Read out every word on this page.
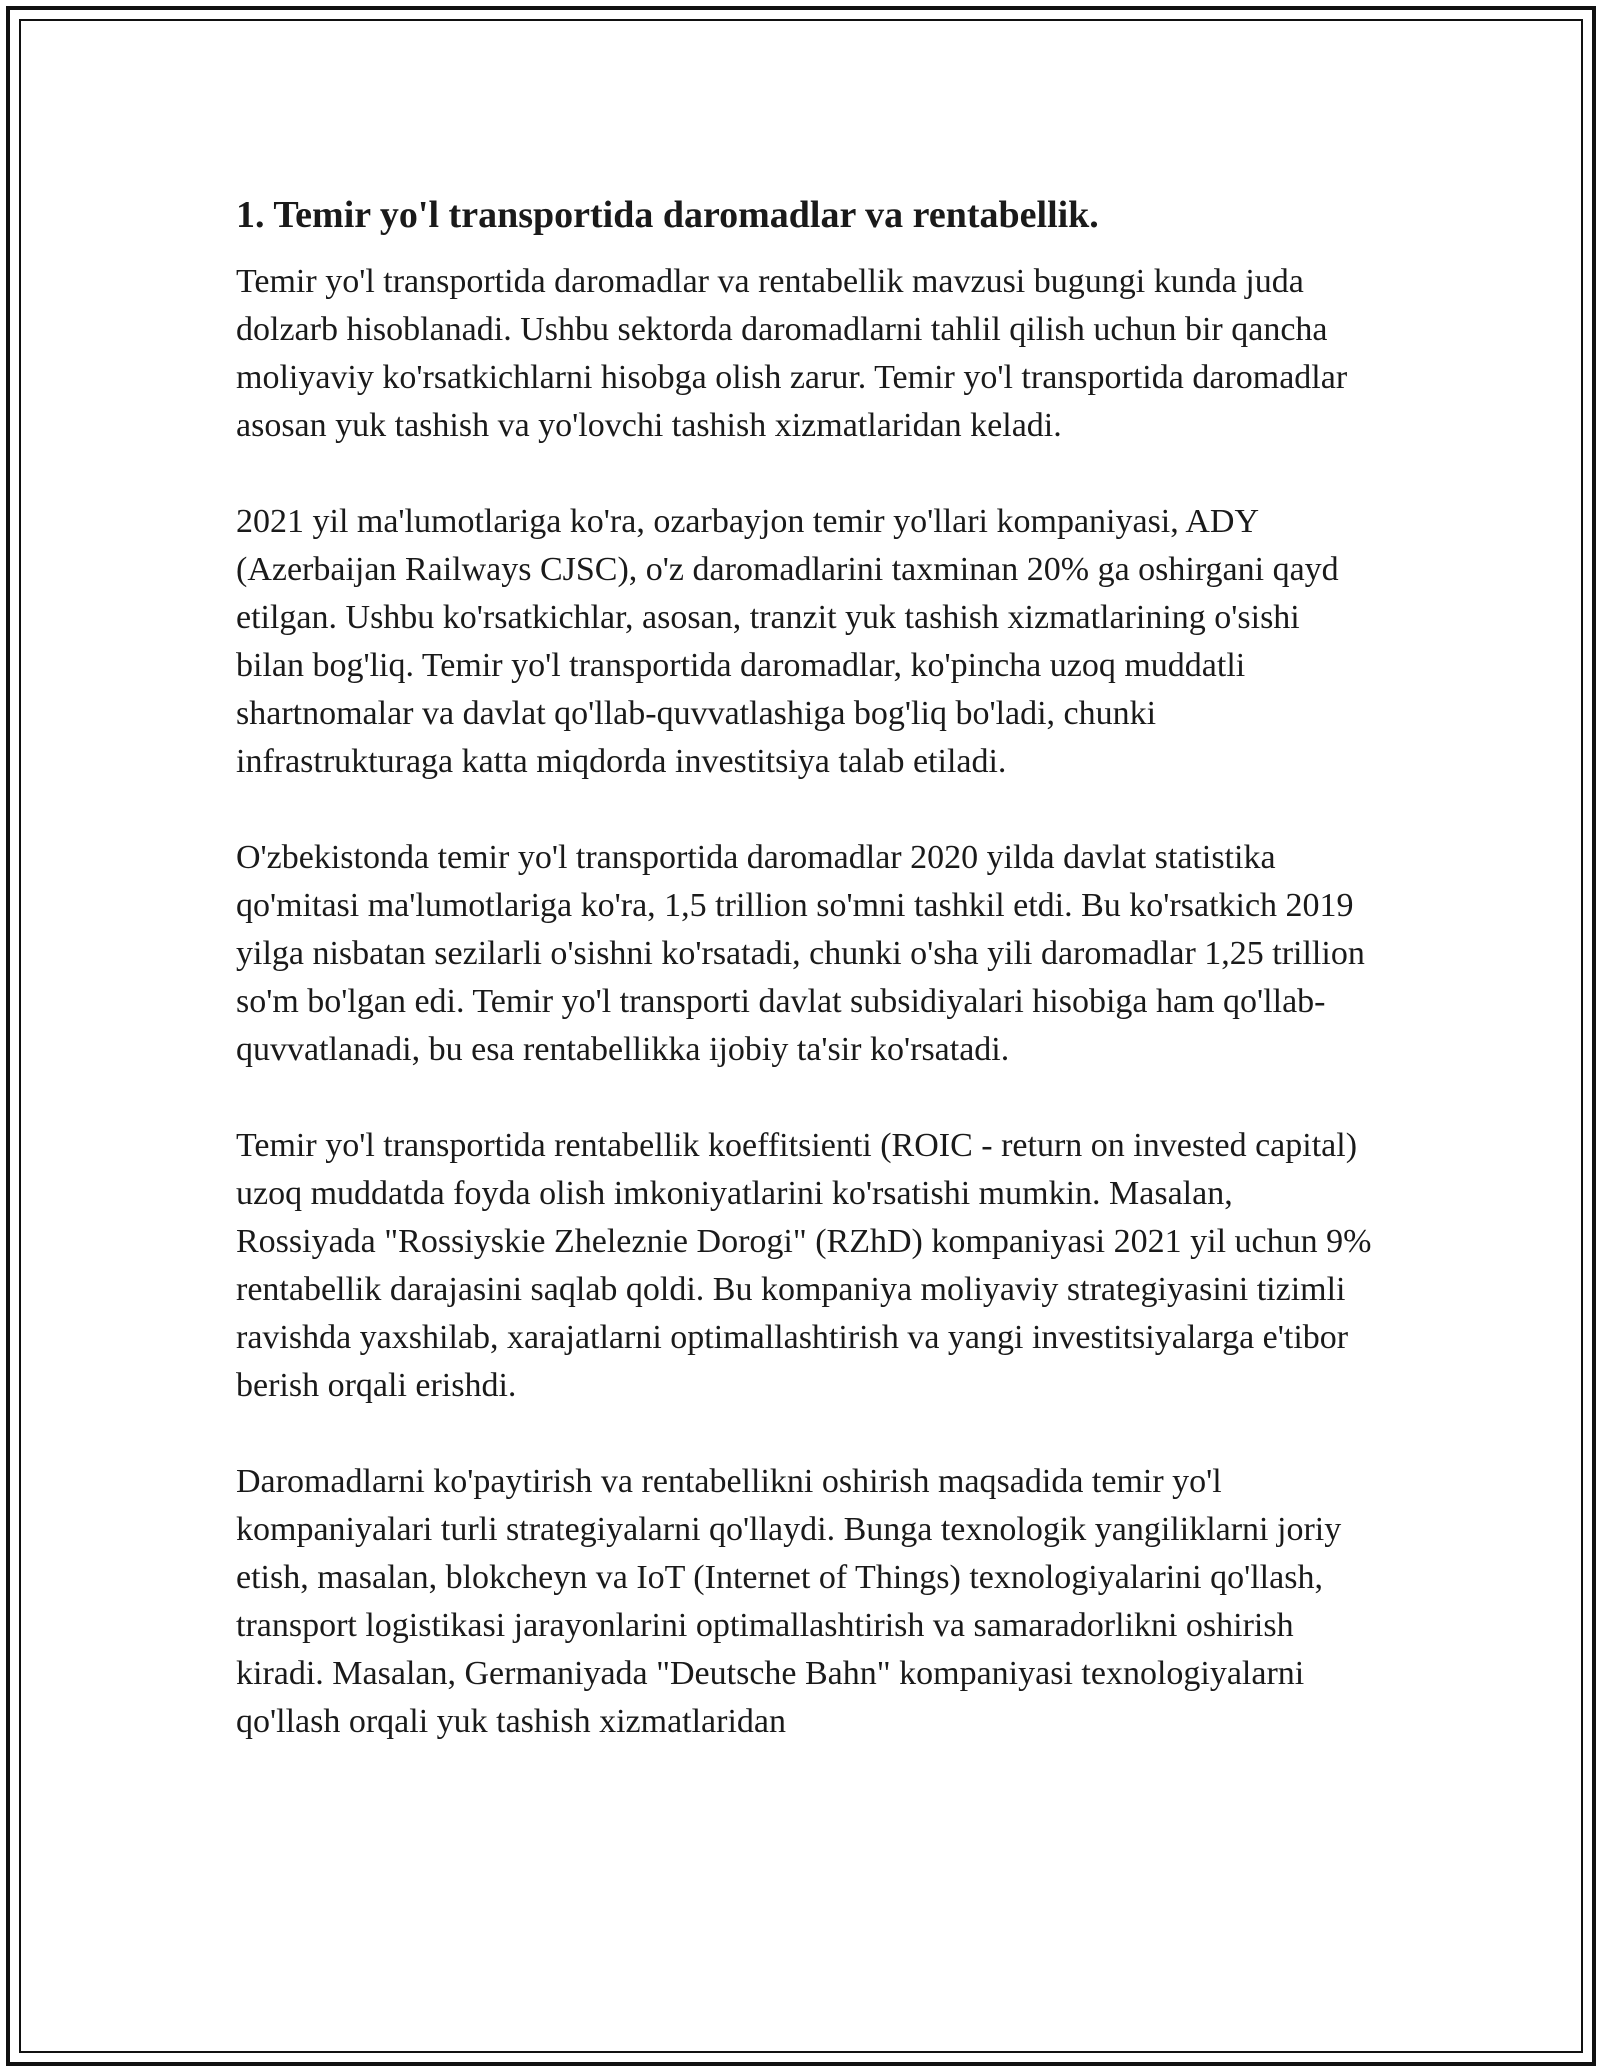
1. Temir yo'l transportida daromadlar va rentabellik.

Temir yo'l transportida daromadlar va rentabellik mavzusi bugungi kunda juda dolzarb hisoblanadi. Ushbu sektorda daromadlarni tahlil qilish uchun bir qancha moliyaviy ko'rsatkichlarni hisobga olish zarur. Temir yo'l transportida daromadlar asosan yuk tashish va yo'lovchi tashish xizmatlaridan keladi.

2021 yil ma'lumotlariga ko'ra, ozarbayjon temir yo'llari kompaniyasi, ADY (Azerbaijan Railways CJSC), o'z daromadlarini taxminan 20% ga oshirgani qayd etilgan. Ushbu ko'rsatkichlar, asosan, tranzit yuk tashish xizmatlarining o'sishi bilan bog'liq. Temir yo'l transportida daromadlar, ko'pincha uzoq muddatli shartnomalar va davlat qo'llab-quvvatlashiga bog'liq bo'ladi, chunki infrastrukturaga katta miqdorda investitsiya talab etiladi.

O'zbekistonda temir yo'l transportida daromadlar 2020 yilda davlat statistika qo'mitasi ma'lumotlariga ko'ra, 1,5 trillion so'mni tashkil etdi. Bu ko'rsatkich 2019 yilga nisbatan sezilarli o'sishni ko'rsatadi, chunki o'sha yili daromadlar 1,25 trillion so'm bo'lgan edi. Temir yo'l transporti davlat subsidiyalari hisobiga ham qo'llab-quvvatlanadi, bu esa rentabellikka ijobiy ta'sir ko'rsatadi.

Temir yo'l transportida rentabellik koeffitsienti (ROIC - return on invested capital) uzoq muddatda foyda olish imkoniyatlarini ko'rsatishi mumkin. Masalan, Rossiyada "Rossiyskie Zheleznie Dorogi" (RZhD) kompaniyasi 2021 yil uchun 9% rentabellik darajasini saqlab qoldi. Bu kompaniya moliyaviy strategiyasini tizimli ravishda yaxshilab, xarajatlarni optimallashtirish va yangi investitsiyalarga e'tibor berish orqali erishdi.

Daromadlarni ko'paytirish va rentabellikni oshirish maqsadida temir yo'l kompaniyalari turli strategiyalarni qo'llaydi. Bunga texnologik yangiliklarni joriy etish, masalan, blokcheyn va IoT (Internet of Things) texnologiyalarini qo'llash, transport logistikasi jarayonlarini optimallashtirish va samaradorlikni oshirish kiradi. Masalan, Germaniyada "Deutsche Bahn" kompaniyasi texnologiyalarni qo'llash orqali yuk tashish xizmatlaridan
